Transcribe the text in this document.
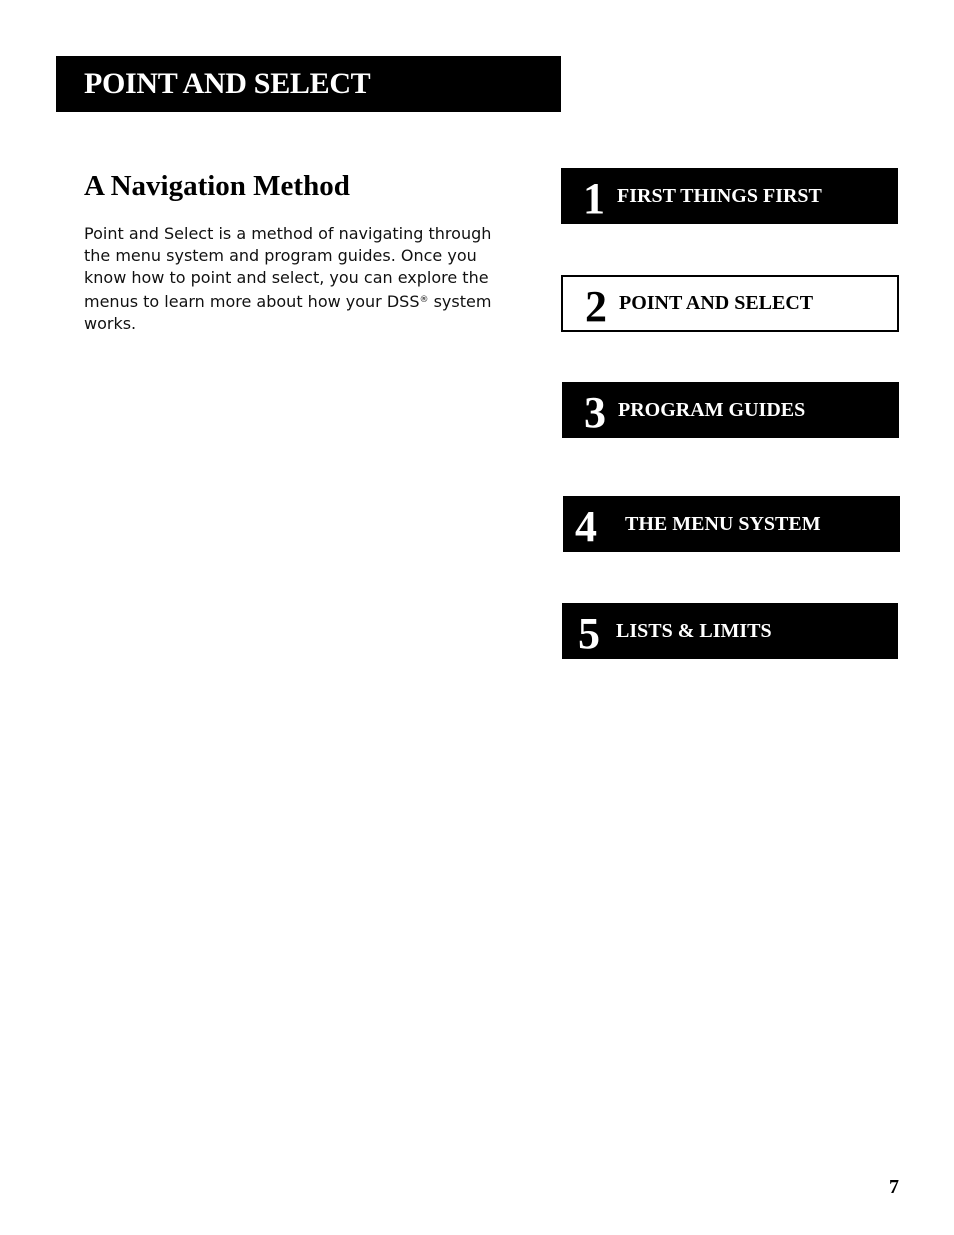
POINT AND SELECT
A Navigation Method

Point and Select is a method of navigating through the menu system and program guides. Once you know how to point and select, you can explore the menus to learn more about how your DSS® system works.

1 FIRST THINGS FIRST
2 POINT AND SELECT
3 PROGRAM GUIDES
4	THE MENU SYSTEM
5 LISTS & LIMITS
7
